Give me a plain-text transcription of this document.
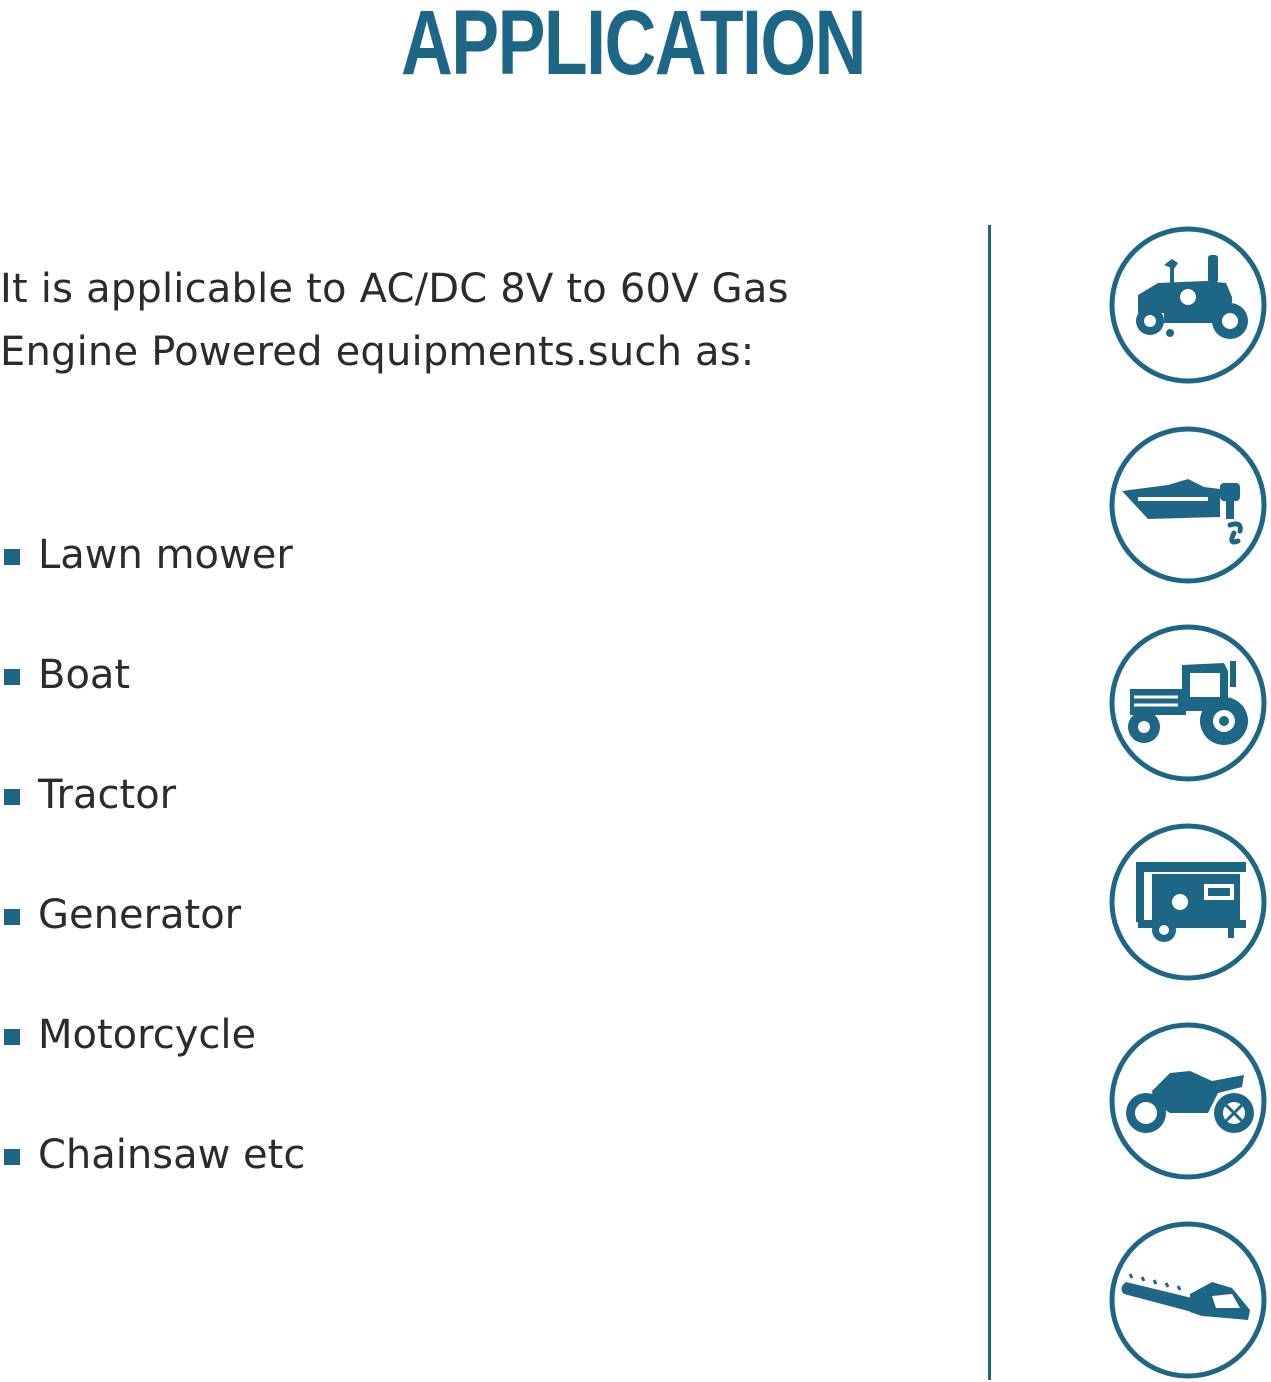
APPLICATION
It is applicable to AC/DC 8V to 60V Gas
Engine Powered equipments.such as:
Lawn mower
Boat
Tractor
Generator
Motorcycle
Chainsaw etc
